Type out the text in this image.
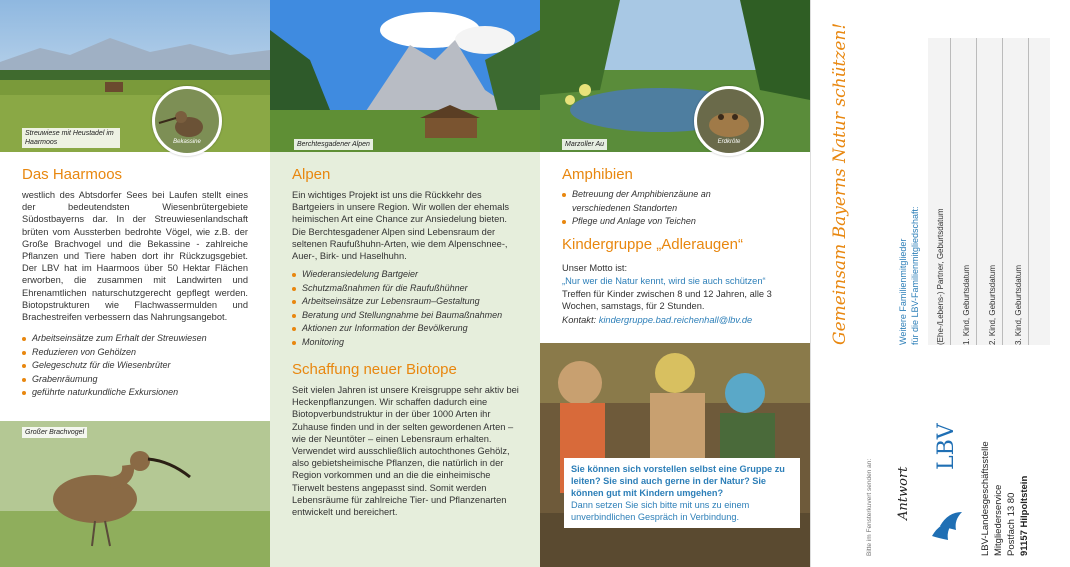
Streuwiese mit Heustadel im Haarmoos	Bekassine
Das Haarmoos

westlich des Abtsdorfer Sees bei Laufen stellt eines der bedeutendsten Wiesenbrütergebiete Südostbayerns dar. In der Streuwiesenlandschaft brüten vom Aussterben bedrohte Vögel, wie z.B. der Große Brachvogel und die Bekassine - zahlreiche Pflanzen und Tiere haben dort ihr Rückzugsgebiet. Der LBV hat im Haarmoos über 50 Hektar Flächen erworben, die zusammen mit Landwirten und Ehrenamtlichen naturschutzgerecht gepflegt werden. Biotopstrukturen wie Flachwassermulden und Brachestreifen verbessern das Nahrungsangebot.

Arbeitseinsätze zum Erhalt der Streuwiesen
Reduzieren von Gehölzen
Gelegeschutz für die Wiesenbrüter
Grabenräumung
geführte naturkundliche Exkursionen
Großer Brachvogel
Berchtesgadener Alpen
Alpen

Ein wichtiges Projekt ist uns die Rückkehr des Bartgeiers in unsere Region. Wir wollen der ehemals heimischen Art eine Chance zur Ansiedelung bieten. Die Berchtesgadener Alpen sind Lebensraum der seltenen Raufußhuhn-Arten, wie dem Alpenschnee-, Auer-, Birk- und Haselhuhn.

Wiederansiedelung Bartgeier
Schutzmaßnahmen für die Raufußhühner
Arbeitseinsätze zur Lebensraum–Gestaltung
Beratung und Stellungnahme bei Baumaßnahmen
Aktionen zur Information der Bevölkerung
Monitoring
Schaffung neuer Biotope

Seit vielen Jahren ist unsere Kreisgruppe sehr aktiv bei Heckenpflanzungen. Wir schaffen dadurch eine Biotopverbundstruktur in der über 1000 Arten ihr Zuhause finden und in der selten gewordenen Arten – wie der Neuntöter – einen Lebensraum erhalten. Verwendet wird ausschließlich autochthones Gehölz, also gebietsheimische Pflanzen, die natürlich in der Region vorkommen und an die die einheimische Tierwelt bestens angepasst sind. Somit werden Lebensräume für zahlreiche Tier- und Pflanzenarten entwickelt und bereichert.

Marzoller Au	Erdkröte
Amphibien
Betreuung der Amphibienzäune an verschiedenen Standorten
Pflege und Anlage von Teichen
Kindergruppe „Adleraugen“

Unser Motto ist:

„Nur wer die Natur kennt, wird sie auch schützen“

Treffen für Kinder zwischen 8 und 12 Jahren, alle 3 Wochen, samstags, für 2 Stunden.

Kontakt: kindergruppe.bad.reichenhall@lbv.de

Sie können sich vorstellen selbst eine Gruppe zu leiten? Sie sind auch gerne in der Natur? Sie können gut mit Kindern umgehen?
Dann setzen Sie sich bitte mit uns zu einem unverbindlichen Gespräch in Verbindung.
Gemeinsam Bayerns Natur schützen!	Weitere Familienmitglieder für die LBV-Familienmitgliedschaft: (Ehe-/Lebens-) Partner, Geburtsdatum 1. Kind, Geburtsdatum 2. Kind, Geburtsdatum 3. Kind, Geburtsdatum
Bitte im Fensterkuvert senden an: Antwort
LBV LBV-Landesgeschäftsstelle Mitgliederservice Postfach 13 80 91157 Hilpoltstein
